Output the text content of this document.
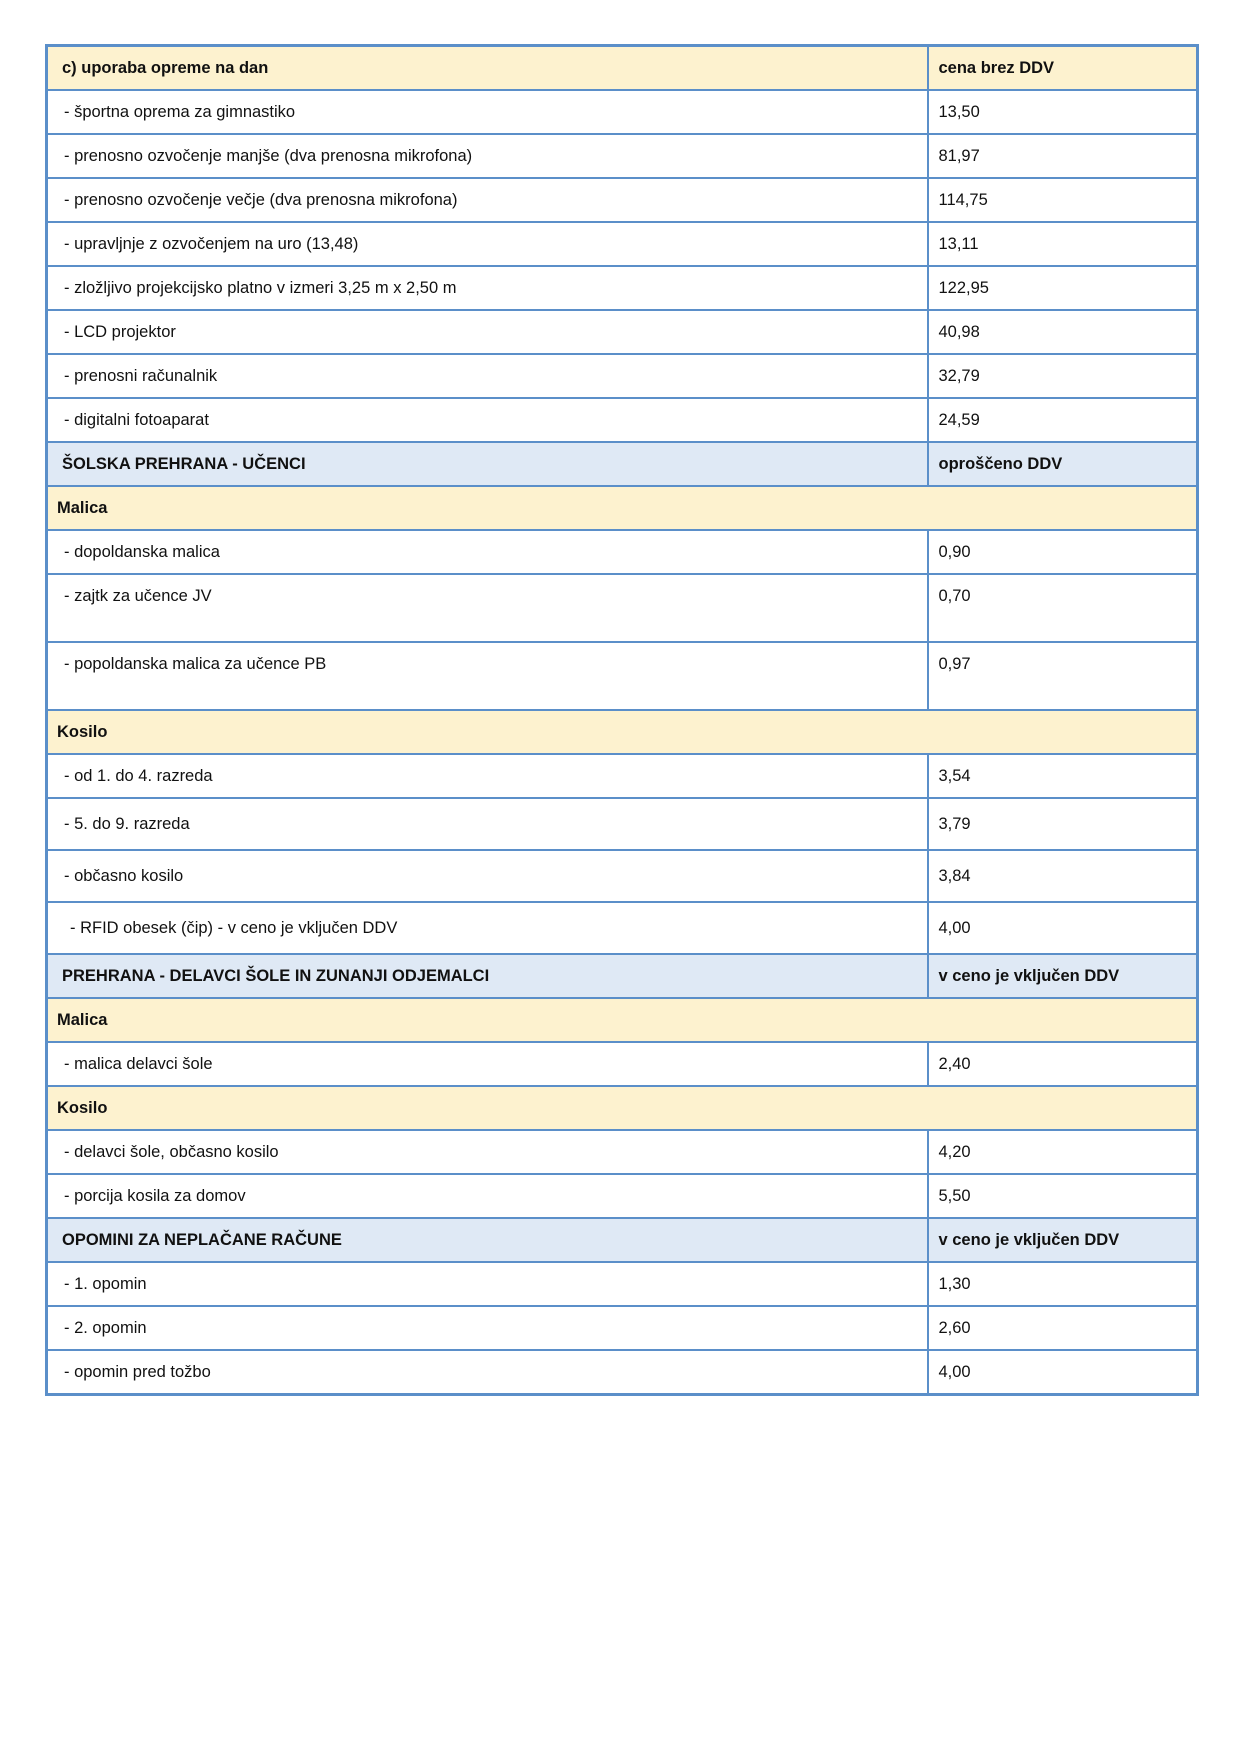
c) uporaba opreme na dan	cena brez DDV
- športna oprema za gimnastiko	13,50
- prenosno ozvočenje manjše (dva prenosna mikrofona)	81,97
- prenosno ozvočenje večje (dva prenosna mikrofona)	114,75
- upravljnje z ozvočenjem na uro (13,48)	13,11
- zložljivo projekcijsko platno v izmeri 3,25 m x 2,50 m	122,95
- LCD projektor	40,98
- prenosni računalnik	32,79
- digitalni fotoaparat	24,59
ŠOLSKA PREHRANA - UČENCI	oproščeno DDV
Malica	
- dopoldanska malica	0,90
- zajtk za učence JV	0,70
- popoldanska malica za učence PB	0,97
Kosilo	
- od 1. do 4. razreda	3,54
- 5. do 9. razreda	3,79
- občasno kosilo	3,84
- RFID obesek (čip) - v ceno je vključen DDV	4,00
PREHRANA - DELAVCI ŠOLE IN ZUNANJI ODJEMALCI	v ceno je vključen DDV
Malica	
- malica delavci šole	2,40
Kosilo	
- delavci šole, občasno kosilo	4,20
- porcija kosila za domov	5,50
OPOMINI ZA NEPLAČANE RAČUNE	v ceno je vključen DDV
- 1. opomin	1,30
- 2. opomin	2,60
- opomin pred tožbo	4,00
